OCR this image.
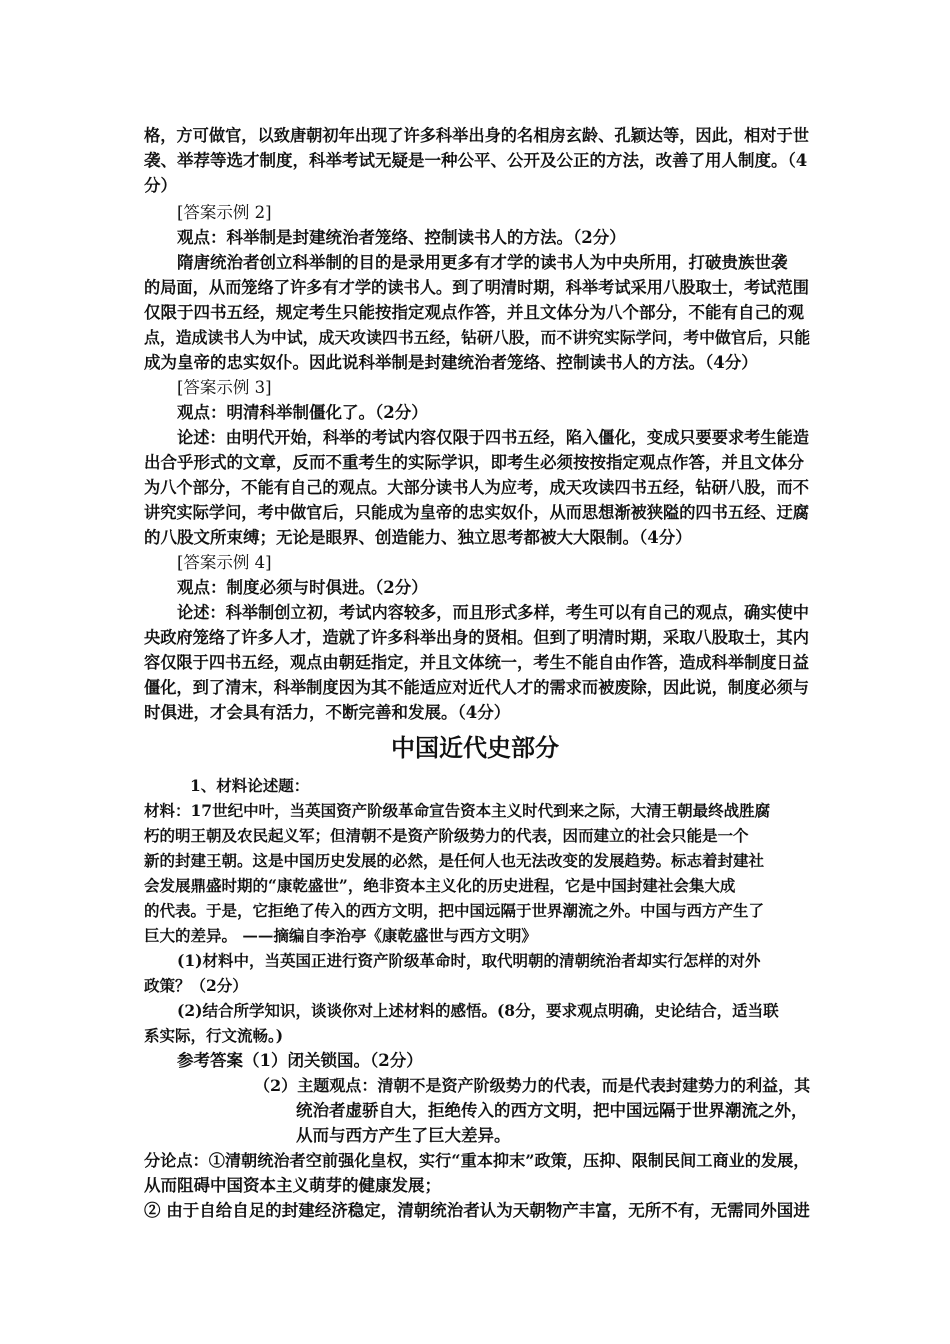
格，方可做官，以致唐朝初年出现了许多科举出身的名相房玄龄、孔颖达等，因此，相对于世
袭、举荐等选才制度，科举考试无疑是一种公平、公开及公正的方法，改善了用人制度。（4
分）
[答案示例 2]
观点：科举制是封建统治者笼络、控制读书人的方法。（2分）
隋唐统治者创立科举制的目的是录用更多有才学的读书人为中央所用，打破贵族世袭
的局面，从而笼络了许多有才学的读书人。到了明清时期，科举考试采用八股取士，考试范围
仅限于四书五经，规定考生只能按指定观点作答，并且文体分为八个部分，不能有自己的观
点，造成读书人为中试，成天攻读四书五经，钻研八股，而不讲究实际学问，考中做官后，只能
成为皇帝的忠实奴仆。因此说科举制是封建统治者笼络、控制读书人的方法。（4分）
[答案示例 3]
观点：明清科举制僵化了。（2分）
论述：由明代开始，科举的考试内容仅限于四书五经，陷入僵化，变成只要要求考生能造
出合乎形式的文章，反而不重考生的实际学识，即考生必须按按指定观点作答，并且文体分
为八个部分，不能有自己的观点。大部分读书人为应考，成天攻读四书五经，钻研八股，而不
讲究实际学问，考中做官后，只能成为皇帝的忠实奴仆，从而思想渐被狭隘的四书五经、迂腐
的八股文所束缚；无论是眼界、创造能力、独立思考都被大大限制。（4分）
[答案示例 4]
观点：制度必须与时俱进。（2分）
论述：科举制创立初，考试内容较多，而且形式多样，考生可以有自己的观点，确实使中
央政府笼络了许多人才，造就了许多科举出身的贤相。但到了明清时期，采取八股取士，其内
容仅限于四书五经，观点由朝廷指定，并且文体统一，考生不能自由作答，造成科举制度日益
僵化，到了清末，科举制度因为其不能适应对近代人才的需求而被废除，因此说，制度必须与
时俱进，才会具有活力，不断完善和发展。（4分）
中国近代史部分
1、材料论述题：
材料：17世纪中叶，当英国资产阶级革命宣告资本主义时代到来之际，大清王朝最终战胜腐
朽的明王朝及农民起义军；但清朝不是资产阶级势力的代表，因而建立的社会只能是一个
新的封建王朝。这是中国历史发展的必然，是任何人也无法改变的发展趋势。标志着封建社
会发展鼎盛时期的“康乾盛世”，绝非资本主义化的历史进程，它是中国封建社会集大成
的代表。于是，它拒绝了传入的西方文明，把中国远隔于世界潮流之外。中国与西方产生了
巨大的差异。 ——摘编自李治亭《康乾盛世与西方文明》
(1)材料中，当英国正进行资产阶级革命时，取代明朝的清朝统治者却实行怎样的对外
政策？（2分）
(2)结合所学知识，谈谈你对上述材料的感悟。(8分，要求观点明确，史论结合，适当联
系实际，行文流畅。)
参考答案（1）闭关锁国。（2分）
（2）主题观点：清朝不是资产阶级势力的代表，而是代表封建势力的利益，其
统治者虚骄自大，拒绝传入的西方文明，把中国远隔于世界潮流之外，
从而与西方产生了巨大差异。
分论点：①清朝统治者空前强化皇权，实行“重本抑末”政策，压抑、限制民间工商业的发展，
从而阻碍中国资本主义萌芽的健康发展；
② 由于自给自足的封建经济稳定，清朝统治者认为天朝物产丰富，无所不有，无需同外国进
